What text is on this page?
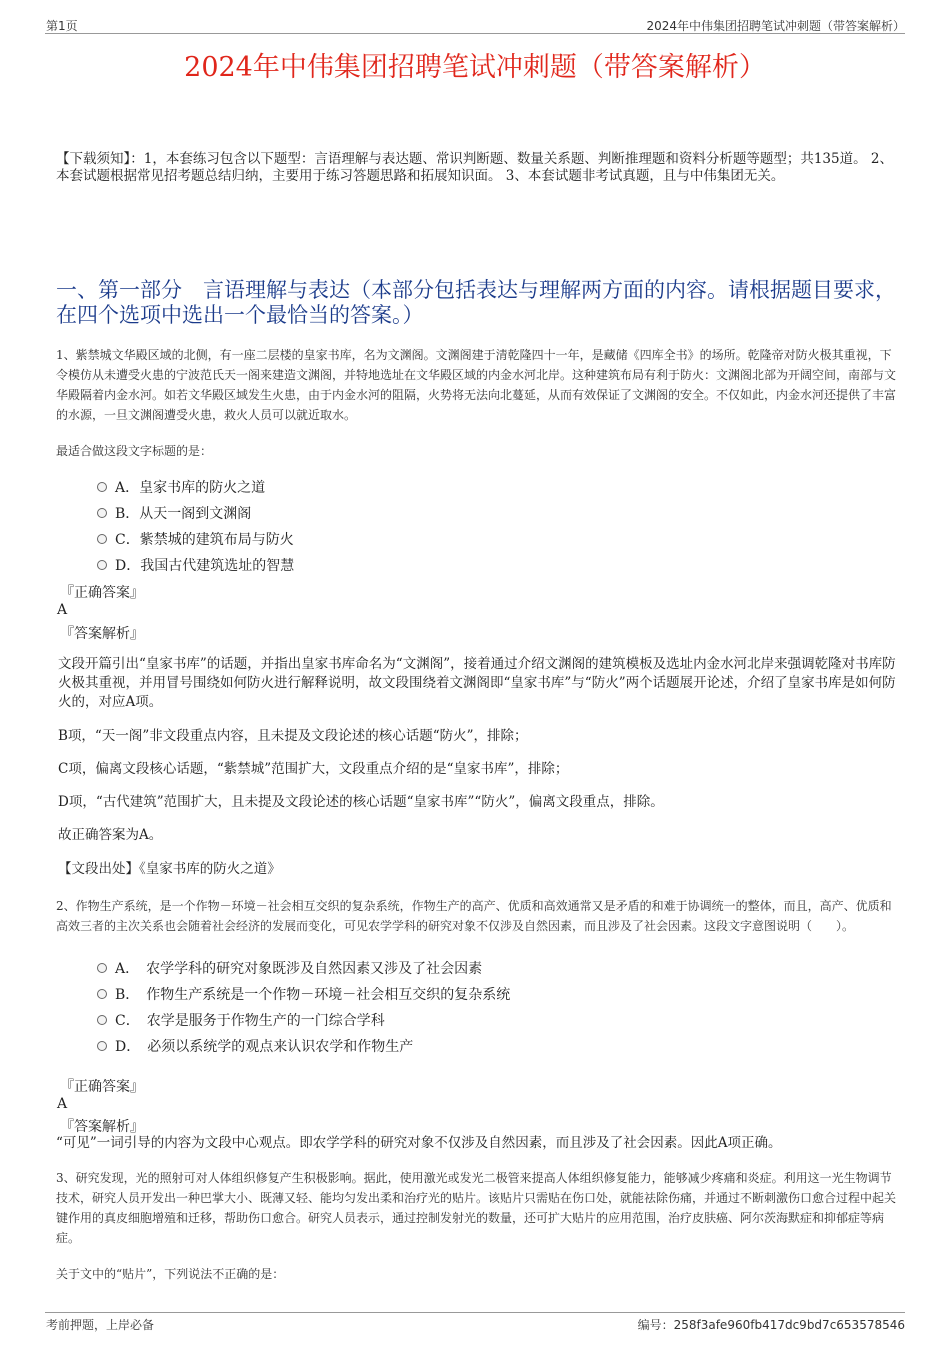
第1页	2024年中伟集团招聘笔试冲刺题（带答案解析）
2024年中伟集团招聘笔试冲刺题（带答案解析）
【下载须知】：1，本套练习包含以下题型：言语理解与表达题、常识判断题、数量关系题、判断推理题和资料分析题等题型；共135道。 2、本套试题根据常见招考题总结归纳，主要用于练习答题思路和拓展知识面。 3、本套试题非考试真题，且与中伟集团无关。
一、第一部分　言语理解与表达（本部分包括表达与理解两方面的内容。请根据题目要求，在四个选项中选出一个最恰当的答案。）
1、紫禁城文华殿区域的北侧，有一座二层楼的皇家书库，名为文渊阁。文渊阁建于清乾隆四十一年，是藏储《四库全书》的场所。乾隆帝对防火极其重视，下令模仿从未遭受火患的宁波范氏天一阁来建造文渊阁，并特地选址在文华殿区域的内金水河北岸。这种建筑布局有利于防火：文渊阁北部为开阔空间，南部与文华殿隔着内金水河。如若文华殿区域发生火患，由于内金水河的阻隔，火势将无法向北蔓延，从而有效保证了文渊阁的安全。不仅如此，内金水河还提供了丰富的水源，一旦文渊阁遭受火患，救火人员可以就近取水。
最适合做这段文字标题的是：
A．皇家书库的防火之道
B．从天一阁到文渊阁
C．紫禁城的建筑布局与防火
D．我国古代建筑选址的智慧
『正确答案』
A
『答案解析』
文段开篇引出“皇家书库”的话题，并指出皇家书库命名为“文渊阁”，接着通过介绍文渊阁的建筑模板及选址内金水河北岸来强调乾隆对书库防火极其重视，并用冒号围绕如何防火进行解释说明，故文段围绕着文渊阁即“皇家书库”与“防火”两个话题展开论述，介绍了皇家书库是如何防火的，对应A项。
B项，“天一阁”非文段重点内容，且未提及文段论述的核心话题“防火”，排除；
C项，偏离文段核心话题，“紫禁城”范围扩大，文段重点介绍的是“皇家书库”，排除；
D项，“古代建筑”范围扩大，且未提及文段论述的核心话题“皇家书库”“防火”，偏离文段重点，排除。
故正确答案为A。
【文段出处】《皇家书库的防火之道》
2、作物生产系统，是一个作物－环境－社会相互交织的复杂系统，作物生产的高产、优质和高效通常又是矛盾的和难于协调统一的整体，而且，高产、优质和高效三者的主次关系也会随着社会经济的发展而变化，可见农学学科的研究对象不仅涉及自然因素，而且涉及了社会因素。这段文字意图说明（　　）。
A．　农学学科的研究对象既涉及自然因素又涉及了社会因素
B．　作物生产系统是一个作物－环境－社会相互交织的复杂系统
C．　农学是服务于作物生产的一门综合学科
D．　必须以系统学的观点来认识农学和作物生产
『正确答案』
A
『答案解析』
“可见”一词引导的内容为文段中心观点。即农学学科的研究对象不仅涉及自然因素，而且涉及了社会因素。因此A项正确。
3、研究发现，光的照射可对人体组织修复产生积极影响。据此，使用激光或发光二极管来提高人体组织修复能力，能够减少疼痛和炎症。利用这一光生物调节技术，研究人员开发出一种巴掌大小、既薄又轻、能均匀发出柔和治疗光的贴片。该贴片只需贴在伤口处，就能祛除伤痛，并通过不断刺激伤口愈合过程中起关键作用的真皮细胞增殖和迁移，帮助伤口愈合。研究人员表示，通过控制发射光的数量，还可扩大贴片的应用范围，治疗皮肤癌、阿尔茨海默症和抑郁症等病症。
关于文中的“贴片”，下列说法不正确的是：
考前押题，上岸必备	编号：258f3afe960fb417dc9bd7c653578546
